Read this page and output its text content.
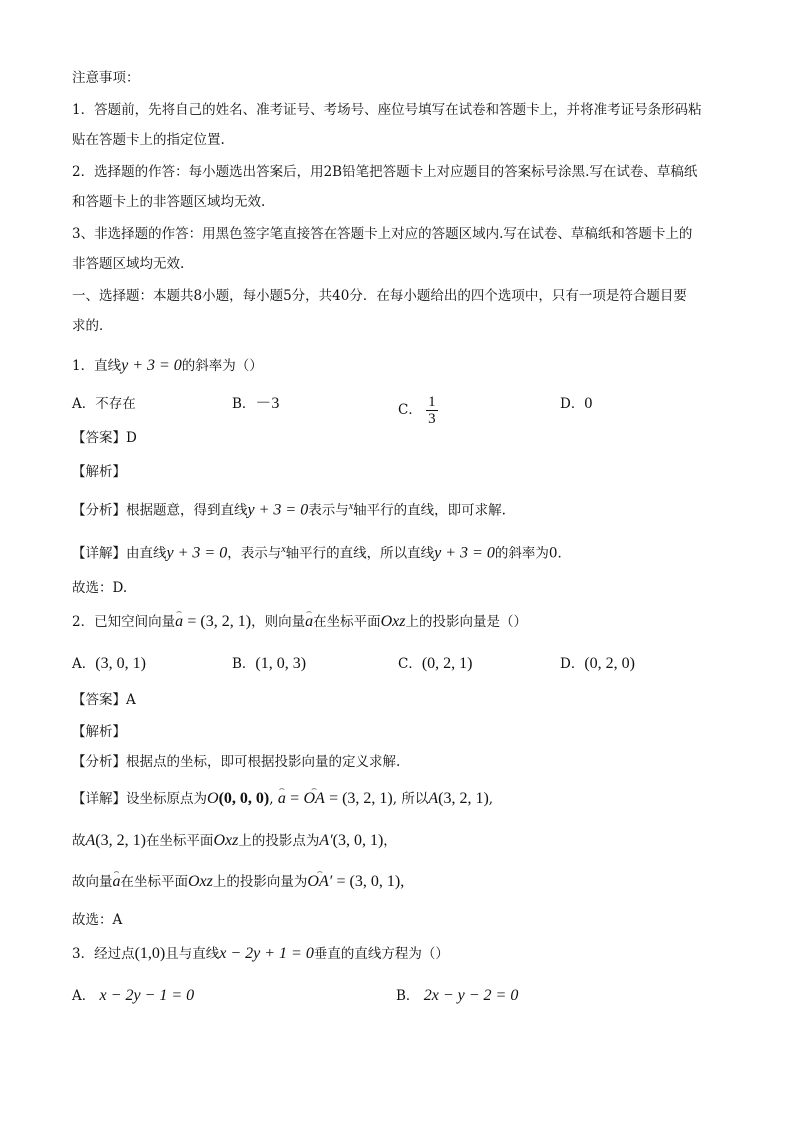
注意事项：
1．答题前，先将自己的姓名、准考证号、考场号、座位号填写在试卷和答题卡上，并将准考证号条形码粘
贴在答题卡上的指定位置.
2．选择题的作答：每小题选出答案后，用2B铅笔把答题卡上对应题目的答案标号涂黑.写在试卷、草稿纸
和答题卡上的非答题区域均无效.
3、非选择题的作答：用黑色签字笔直接答在答题卡上对应的答题区域内.写在试卷、草稿纸和答题卡上的
非答题区域均无效.
一、选择题：本题共8小题，每小题5分，共40分．在每小题给出的四个选项中，只有一项是符合题目要
求的．
1．直线y + 3 = 0的斜率为（）
A．不存在	B．－3	C． $\frac{1}{3}$	D．0
【答案】D
【解析】
【分析】根据题意，得到直线y + 3 = 0表示与$^x$轴平行的直线，即可求解.
【详解】由直线y + 3 = 0，表示与$^x$轴平行的直线，所以直线y + 3 = 0的斜率为0．
故选：D.
2．已知空间向量⌢ a = (3, 2, 1)，则向量⌢ a在坐标平面Oxz上的投影向量是（）
A．(3, 0, 1)	B．(1, 0, 3)	C．(0, 2, 1)	D．(0, 2, 0)
【答案】A
【解析】
【分析】根据点的坐标，即可根据投影向量的定义求解.
【详解】设坐标原点为O(0, 0, 0), ⌢ a = ⌢ OA = (3, 2, 1), 所以A(3, 2, 1),
故A(3, 2, 1)在坐标平面Oxz上的投影点为A′(3, 0, 1)，
故向量⌢ a在坐标平面Oxz上的投影向量为⌢ OA′ = (3, 0, 1),
故选：A
3．经过点(1,0)且与直线x − 2y + 1 = 0垂直的直线方程为（）
A． x − 2y − 1 = 0	B． 2x − y − 2 = 0
